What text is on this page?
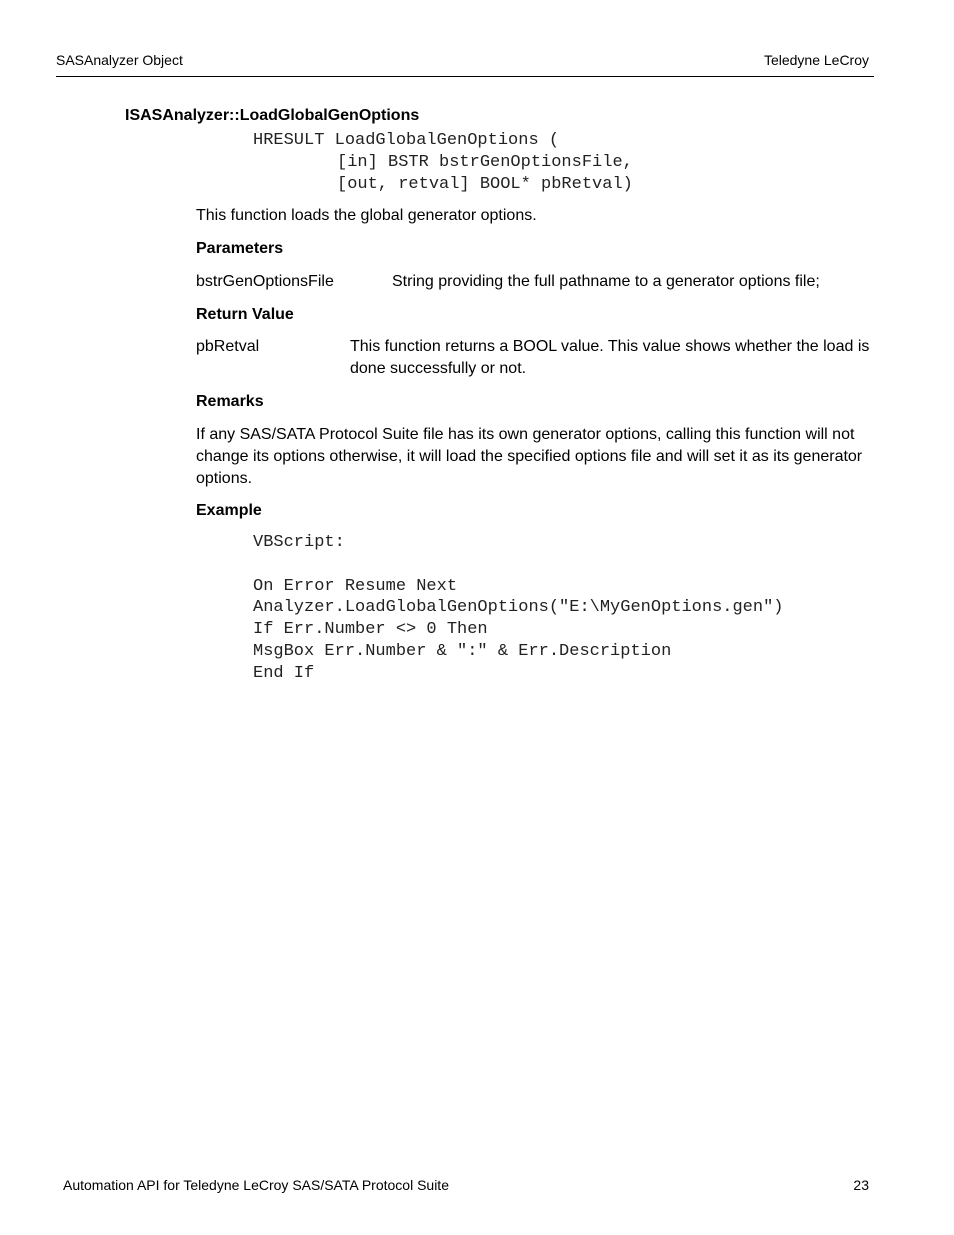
SASAnalyzer Object	Teledyne LeCroy
ISASAnalyzer::LoadGlobalGenOptions
HRESULT LoadGlobalGenOptions (
[in] BSTR bstrGenOptionsFile,
[out, retval] BOOL* pbRetval)
This function loads the global generator options.
Parameters
bstrGenOptionsFile	String providing the full pathname to a generator options file;
Return Value
pbRetval	This function returns a BOOL value. This value shows whether the load is done successfully or not.
Remarks
If any SAS/SATA Protocol Suite file has its own generator options, calling this function will not change its options otherwise, it will load the specified options file and will set it as its generator options.
Example
VBScript:
On Error Resume Next
Analyzer.LoadGlobalGenOptions("E:\MyGenOptions.gen")
If Err.Number <> 0 Then
MsgBox Err.Number & ":" & Err.Description
End If
Automation API for Teledyne LeCroy SAS/SATA Protocol Suite	23
